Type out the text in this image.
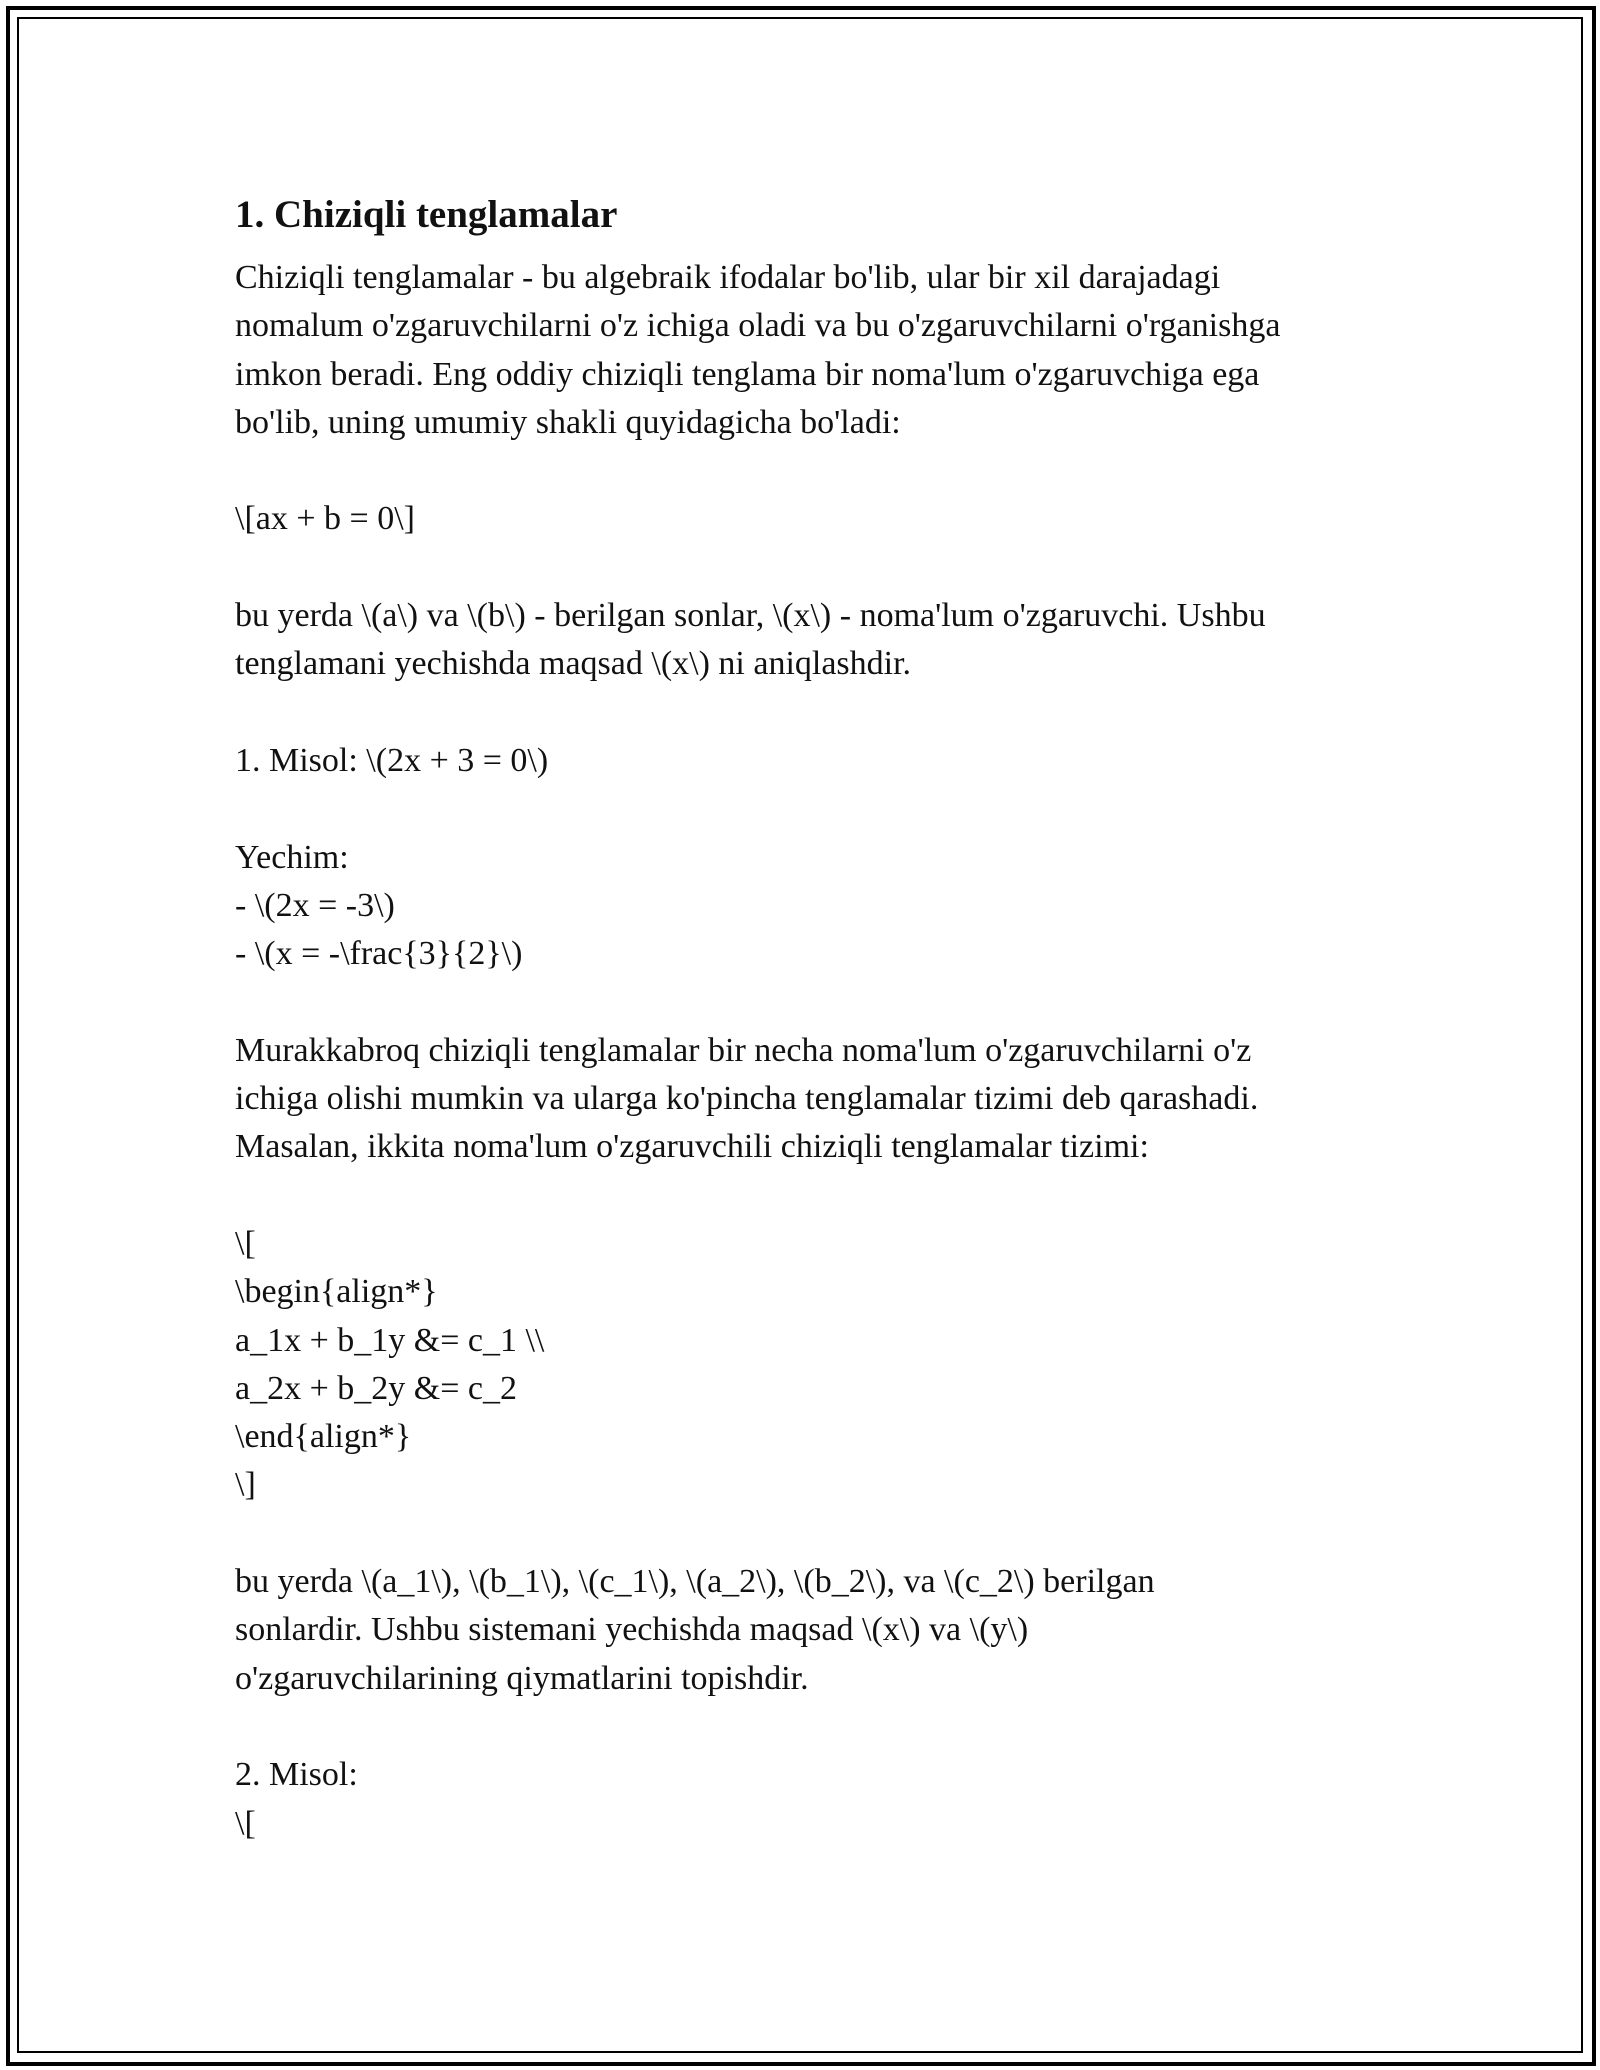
1. Chiziqli tenglamalar

Chiziqli tenglamalar - bu algebraik ifodalar bo'lib, ular bir xil darajadagi
nomalum o'zgaruvchilarni o'z ichiga oladi va bu o'zgaruvchilarni o'rganishga
imkon beradi. Eng oddiy chiziqli tenglama bir noma'lum o'zgaruvchiga ega
bo'lib, uning umumiy shakli quyidagicha bo'ladi:

\[ax + b = 0\]

bu yerda \(a\) va \(b\) - berilgan sonlar, \(x\) - noma'lum o'zgaruvchi. Ushbu
tenglamani yechishda maqsad \(x\) ni aniqlashdir.

1. Misol: \(2x + 3 = 0\)

Yechim:
- \(2x = -3\)
- \(x = -\frac{3}{2}\)

Murakkabroq chiziqli tenglamalar bir necha noma'lum o'zgaruvchilarni o'z
ichiga olishi mumkin va ularga ko'pincha tenglamalar tizimi deb qarashadi.
Masalan, ikkita noma'lum o'zgaruvchili chiziqli tenglamalar tizimi:

\[
\begin{align*}
a_1x + b_1y &= c_1 \\
a_2x + b_2y &= c_2
\end{align*}
\]

bu yerda \(a_1\), \(b_1\), \(c_1\), \(a_2\), \(b_2\), va \(c_2\) berilgan
sonlardir. Ushbu sistemani yechishda maqsad \(x\) va \(y\)
o'zgaruvchilarining qiymatlarini topishdir.

2. Misol:
\[
